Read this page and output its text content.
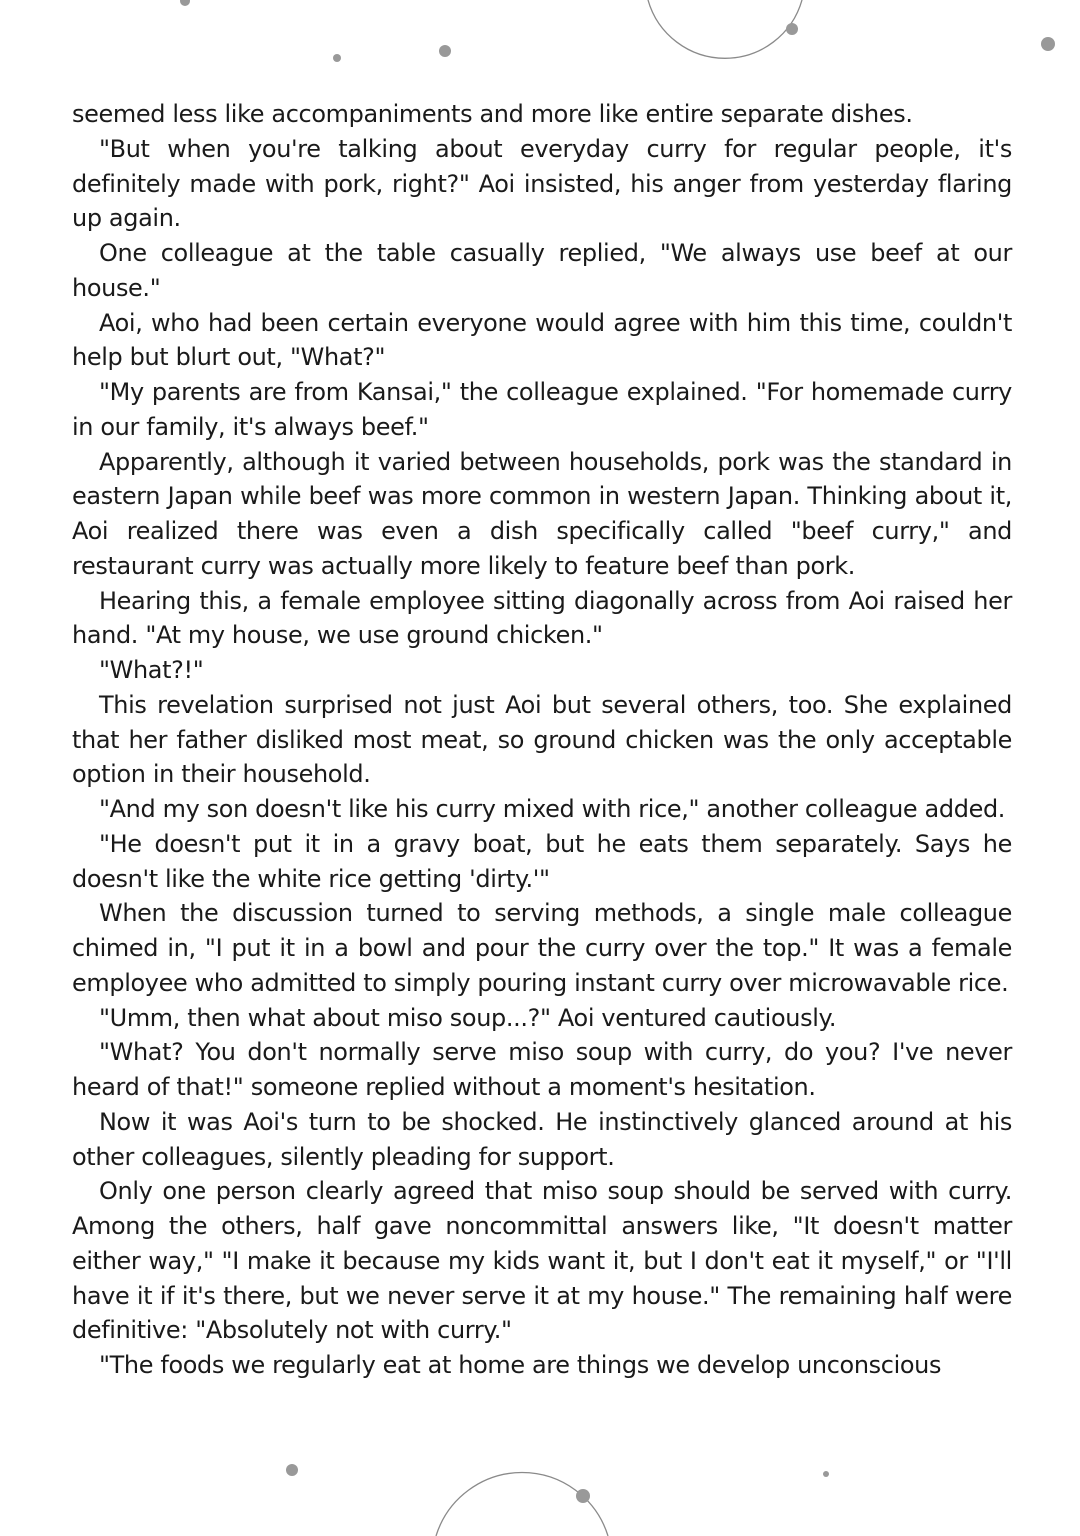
seemed less like accompaniments and more like entire separate dishes.

"But when you're talking about everyday curry for regular people, it's definitely made with pork, right?" Aoi insisted, his anger from yesterday flaring up again.

One colleague at the table casually replied, "We always use beef at our house."

Aoi, who had been certain everyone would agree with him this time, couldn't help but blurt out, "What?"

"My parents are from Kansai," the colleague explained. "For homemade curry in our family, it's always beef."

Apparently, although it varied between households, pork was the standard in eastern Japan while beef was more common in western Japan. Thinking about it, Aoi realized there was even a dish specifically called "beef curry," and restaurant curry was actually more likely to feature beef than pork.

Hearing this, a female employee sitting diagonally across from Aoi raised her hand. "At my house, we use ground chicken."

"What?!"

This revelation surprised not just Aoi but several others, too. She explained that her father disliked most meat, so ground chicken was the only acceptable option in their household.

"And my son doesn't like his curry mixed with rice," another colleague added.

"He doesn't put it in a gravy boat, but he eats them separately. Says he doesn't like the white rice getting 'dirty.'"

When the discussion turned to serving methods, a single male colleague chimed in, "I put it in a bowl and pour the curry over the top." It was a female employee who admitted to simply pouring instant curry over microwavable rice.

"Umm, then what about miso soup...?" Aoi ventured cautiously.

"What? You don't normally serve miso soup with curry, do you? I've never heard of that!" someone replied without a moment's hesitation.

Now it was Aoi's turn to be shocked. He instinctively glanced around at his other colleagues, silently pleading for support.

Only one person clearly agreed that miso soup should be served with curry. Among the others, half gave noncommittal answers like, "It doesn't matter either way," "I make it because my kids want it, but I don't eat it myself," or "I'll have it if it's there, but we never serve it at my house." The remaining half were definitive: "Absolutely not with curry."

"The foods we regularly eat at home are things we develop unconscious
